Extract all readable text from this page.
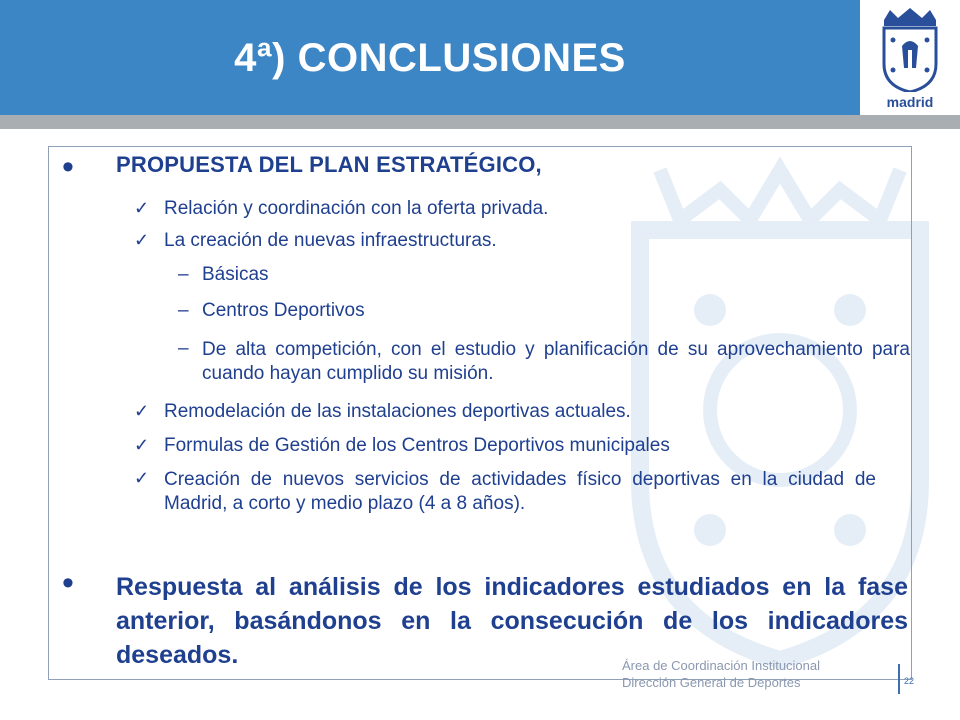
4ª) CONCLUSIONES
madrid
• PROPUESTA DEL PLAN ESTRATÉGICO,
✓ Relación y coordinación con la oferta privada.
✓ La creación de nuevas infraestructuras.
– Básicas
– Centros Deportivos
– De alta competición, con el estudio y planificación de su aprovechamiento para cuando hayan cumplido su misión.
✓ Remodelación de las instalaciones deportivas actuales.
✓ Formulas de Gestión de los Centros Deportivos municipales
✓ Creación de nuevos servicios de actividades físico deportivas en la ciudad de Madrid, a corto y medio plazo (4 a 8 años).
• Respuesta al análisis de los indicadores estudiados en la fase anterior, basándonos en la consecución de los indicadores deseados.	Área de Coordinación Institucional
Dirección General de Deportes	22
